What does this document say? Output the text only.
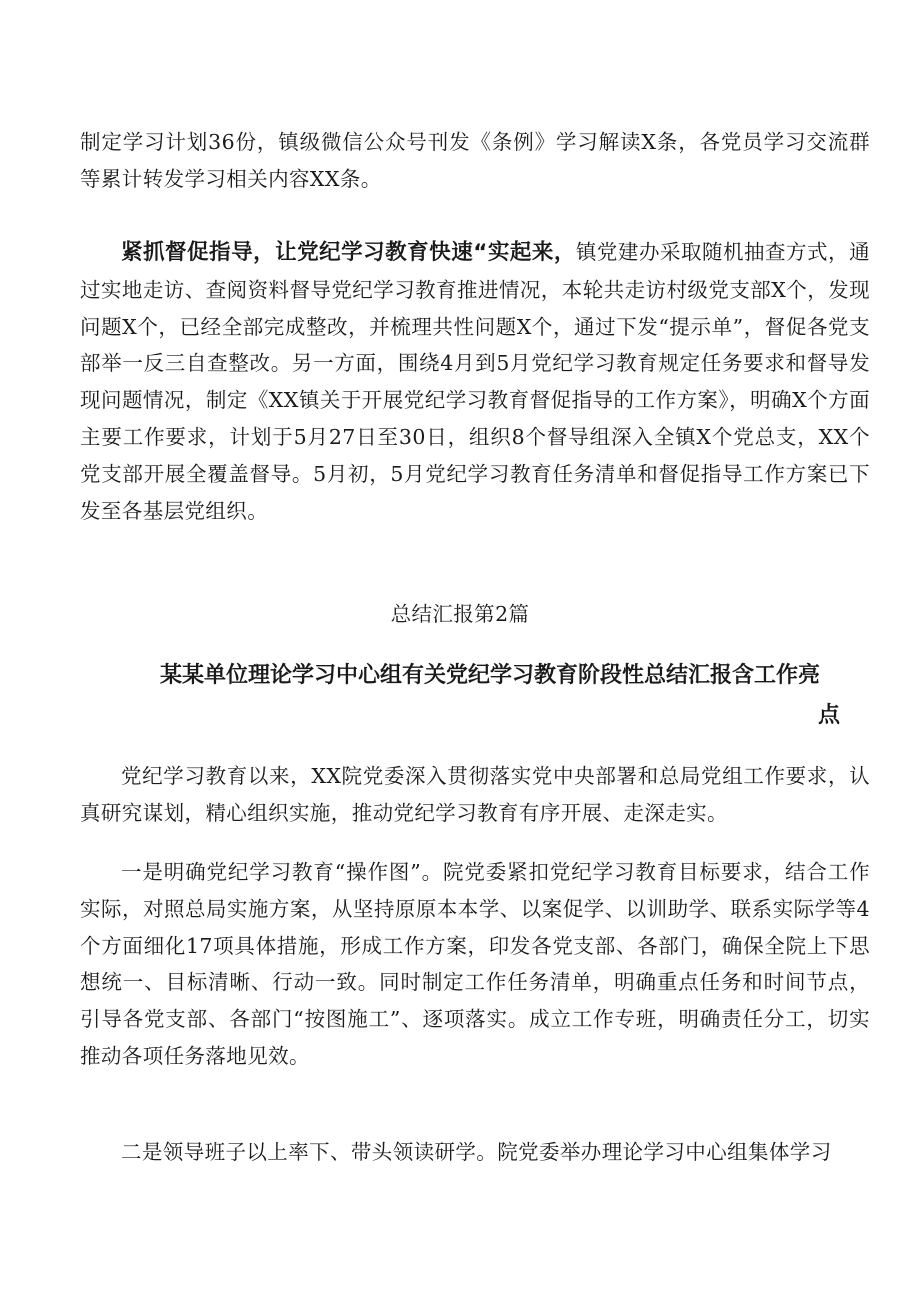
制定学习计划36份，镇级微信公众号刊发《条例》学习解读X条，各党员学习交流群等累计转发学习相关内容XX条。

紧抓督促指导，让党纪学习教育快速“实起来，镇党建办采取随机抽查方式，通过实地走访、查阅资料督导党纪学习教育推进情况，本轮共走访村级党支部X个，发现问题X个，已经全部完成整改，并梳理共性问题X个，通过下发“提示单”，督促各党支部举一反三自查整改。另一方面，围绕4月到5月党纪学习教育规定任务要求和督导发现问题情况，制定《XX镇关于开展党纪学习教育督促指导的工作方案》，明确X个方面主要工作要求，计划于5月27日至30日，组织8个督导组深入全镇X个党总支，XX个党支部开展全覆盖督导。5月初，5月党纪学习教育任务清单和督促指导工作方案已下发至各基层党组织。

总结汇报第2篇

某某单位理论学习中心组有关党纪学习教育阶段性总结汇报含工作亮
点

党纪学习教育以来，XX院党委深入贯彻落实党中央部署和总局党组工作要求，认真研究谋划，精心组织实施，推动党纪学习教育有序开展、走深走实。

一是明确党纪学习教育“操作图”。院党委紧扣党纪学习教育目标要求，结合工作实际，对照总局实施方案，从坚持原原本本学、以案促学、以训助学、联系实际学等4个方面细化17项具体措施，形成工作方案，印发各党支部、各部门，确保全院上下思想统一、目标清晰、行动一致。同时制定工作任务清单，明确重点任务和时间节点，引导各党支部、各部门“按图施工”、逐项落实。成立工作专班，明确责任分工，切实推动各项任务落地见效。

二是领导班子以上率下、带头领读研学。院党委举办理论学习中心组集体学习
